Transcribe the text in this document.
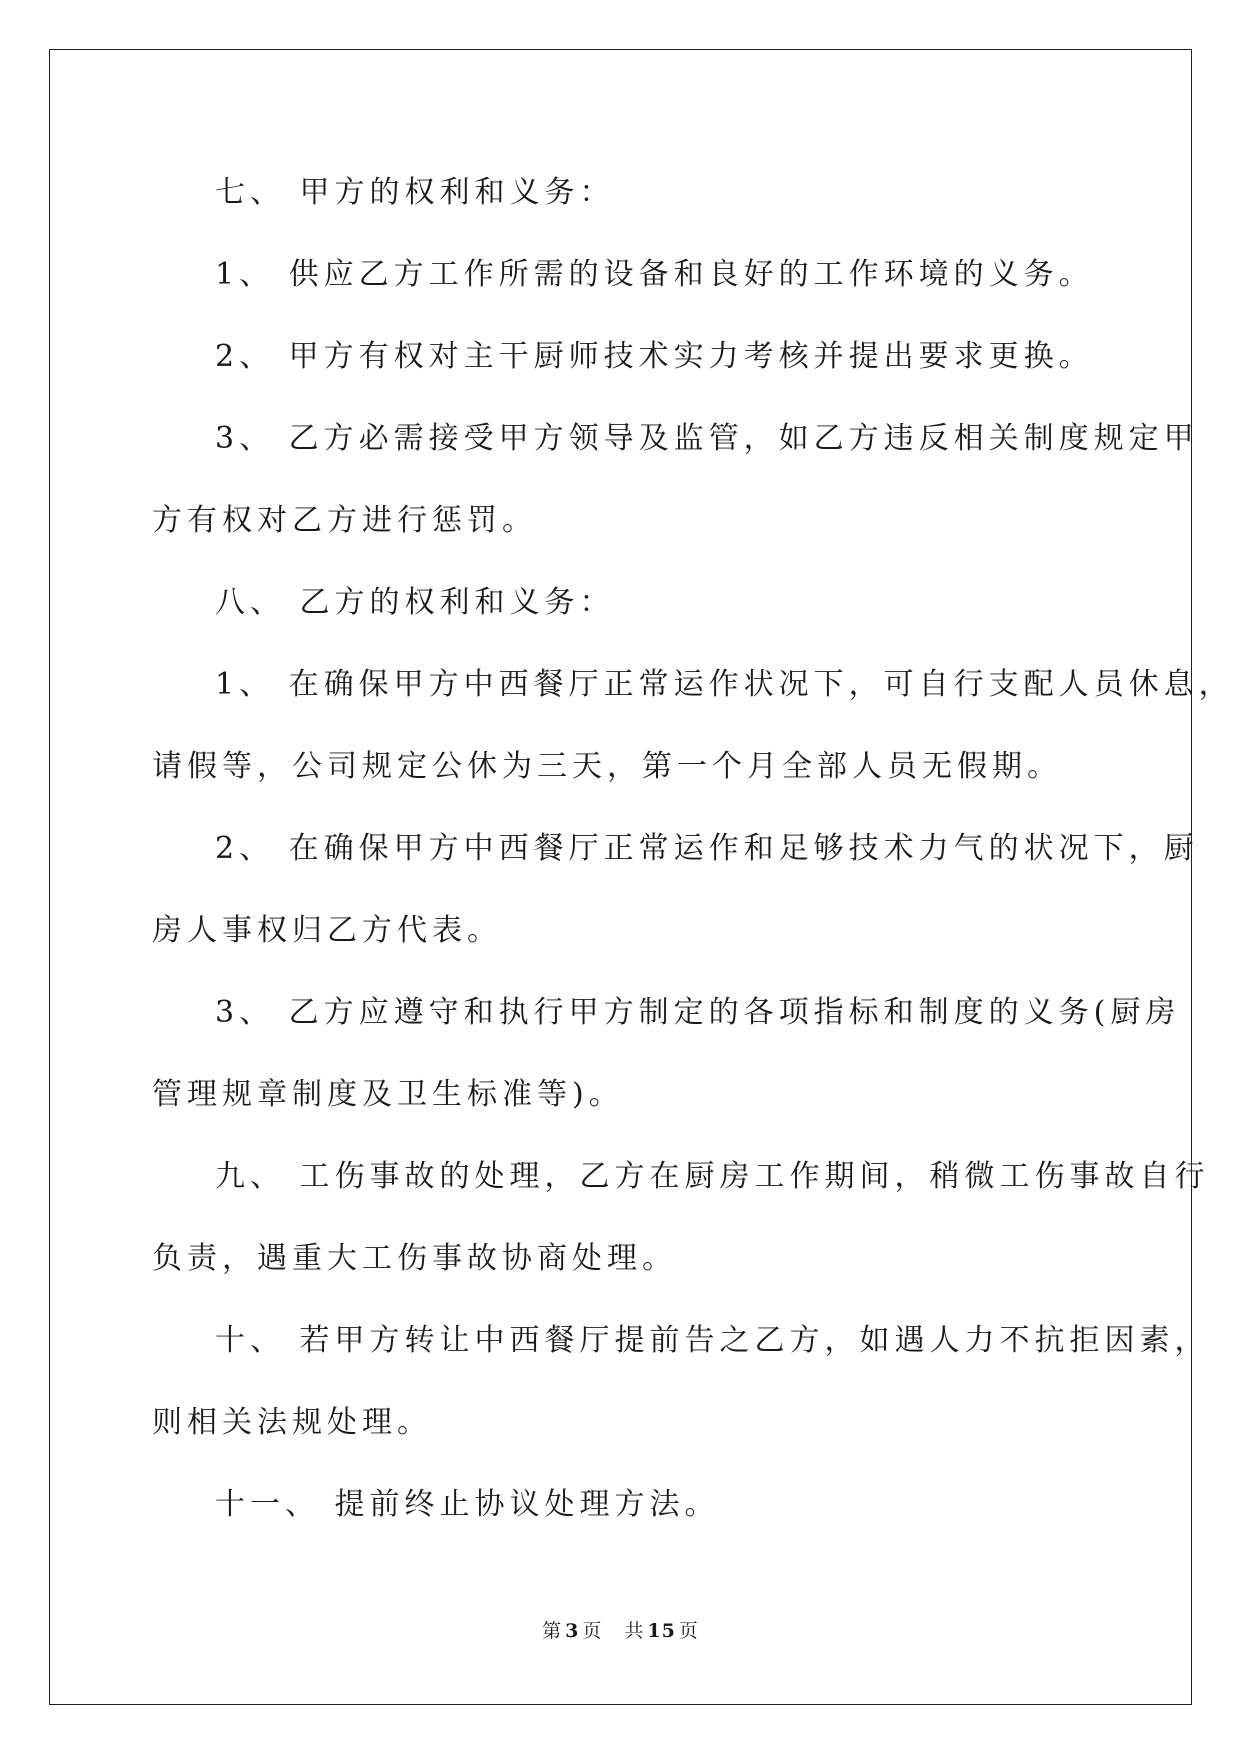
七、 甲方的权利和义务：
1、 供应乙方工作所需的设备和良好的工作环境的义务。
2、 甲方有权对主干厨师技术实力考核并提出要求更换。
3、 乙方必需接受甲方领导及监管，如乙方违反相关制度规定甲
方有权对乙方进行惩罚。
八、 乙方的权利和义务：
1、 在确保甲方中西餐厅正常运作状况下，可自行支配人员休息，
请假等，公司规定公休为三天，第一个月全部人员无假期。
2、 在确保甲方中西餐厅正常运作和足够技术力气的状况下，厨
房人事权归乙方代表。
3、 乙方应遵守和执行甲方制定的各项指标和制度的义务(厨房
管理规章制度及卫生标准等)。
九、 工伤事故的处理，乙方在厨房工作期间，稍微工伤事故自行
负责，遇重大工伤事故协商处理。
十、 若甲方转让中西餐厅提前告之乙方，如遇人力不抗拒因素，
则相关法规处理。
十一、 提前终止协议处理方法。
第 3 页 共 15 页
